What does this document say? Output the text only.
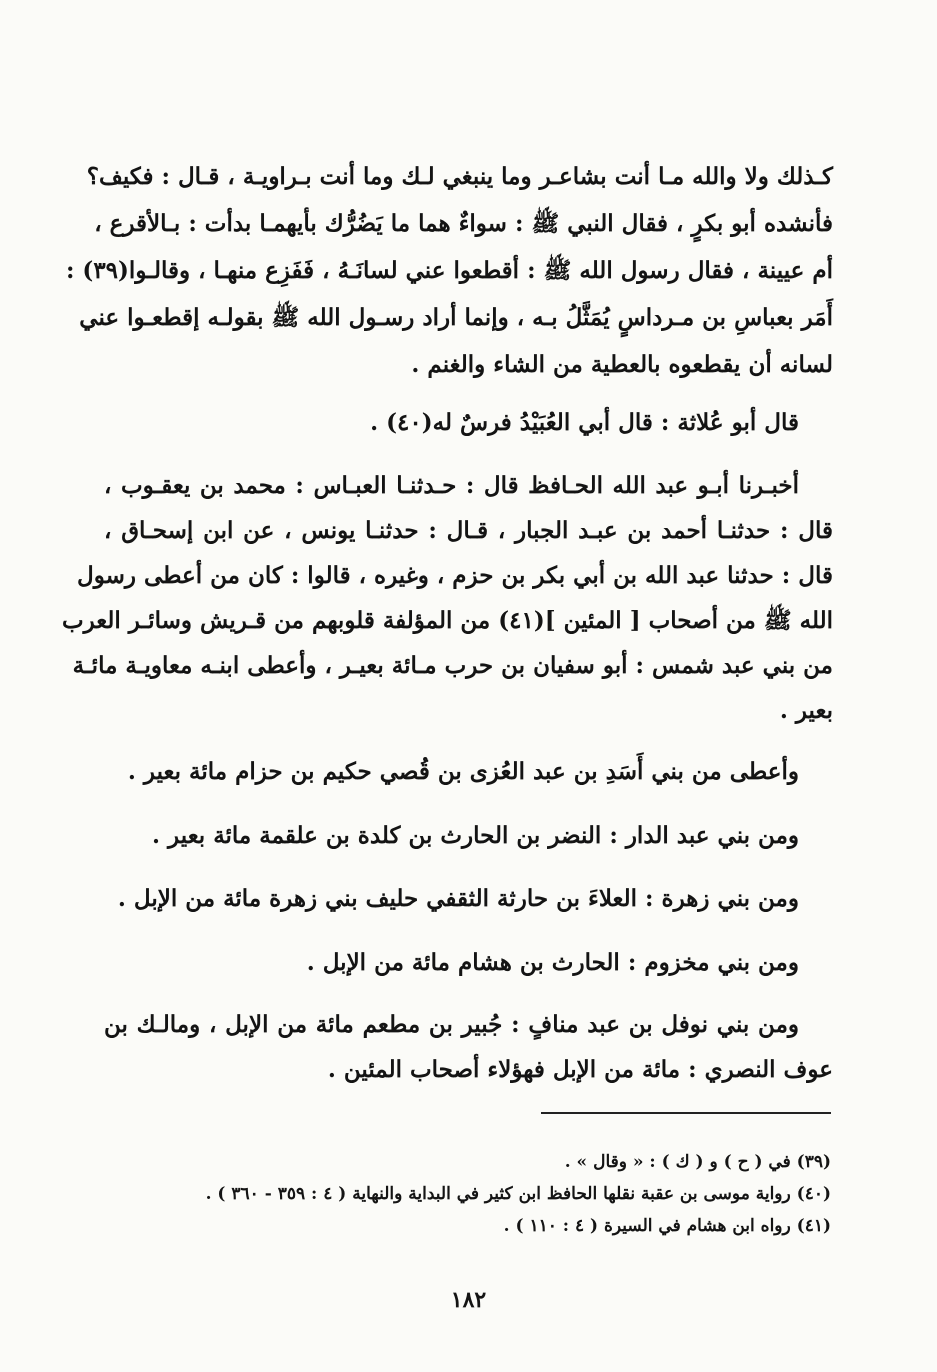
كـذلك ولا والله مـا أنت بشاعـر وما ينبغي لـك وما أنت بـراويـة ، قـال : فكيف؟
فأنشده أبو بكرٍ ، فقال النبي ﷺ : سواءٌ هما ما يَضُرُّك بأيهمـا بدأت : بـالأقرع ،
أم عيينة ، فقال رسول الله ﷺ : أقطعوا عني لسانَـهُ ، فَفَزِع منهـا ، وقالـوا(٣٩) :
أَمَر بعباسِ بن مـرداسٍ يُمَثَّلُ بـه ، وإنما أراد رسـول الله ﷺ بقولـه إقطعـوا عني
لسانه أن يقطعوه بالعطية من الشاء والغنم .
قال أبو عُلاثة : قال أبي العُبَيْدُ فرسٌ له(٤٠) .
أخبـرنا أبـو عبد الله الحـافظ قال : حـدثنـا العبـاس : محمد بن يعقـوب ،
قال : حدثنـا أحمد بن عبـد الجبار ، قـال : حدثنـا يونس ، عن ابن إسحـاق ،
قال : حدثنا عبد الله بن أبي بكر بن حزم ، وغيره ، قالوا : كان من أعطى رسول
الله ﷺ من أصحاب [ المئين ](٤١) من المؤلفة قلوبهم من قـريش وسائـر العرب
من بني عبد شمس : أبو سفيان بن حرب مـائة بعيـر ، وأعطى ابنـه معاويـة مائـة
بعير .
وأعطى من بني أَسَدِ بن عبد العُزى بن قُصي حكيم بن حزام مائة بعير .
ومن بني عبد الدار : النضر بن الحارث بن كلدة بن علقمة مائة بعير .
ومن بني زهرة : العلاءَ بن حارثة الثقفي حليف بني زهرة مائة من الإبل .
ومن بني مخزوم : الحارث بن هشام مائة من الإبل .
ومن بني نوفل بن عبد منافٍ : جُبير بن مطعم مائة من الإبل ، ومالـك بن
عوف النصري : مائة من الإبل فهؤلاء أصحاب المئين .
(٣٩) في ( ح ) و ( ك ) : « وقال » .
(٤٠) رواية موسى بن عقبة نقلها الحافظ ابن كثير في البداية والنهاية ( ٤ : ٣٥٩ - ٣٦٠ ) .
(٤١) رواه ابن هشام في السيرة ( ٤ : ١١٠ ) .
١٨٢
